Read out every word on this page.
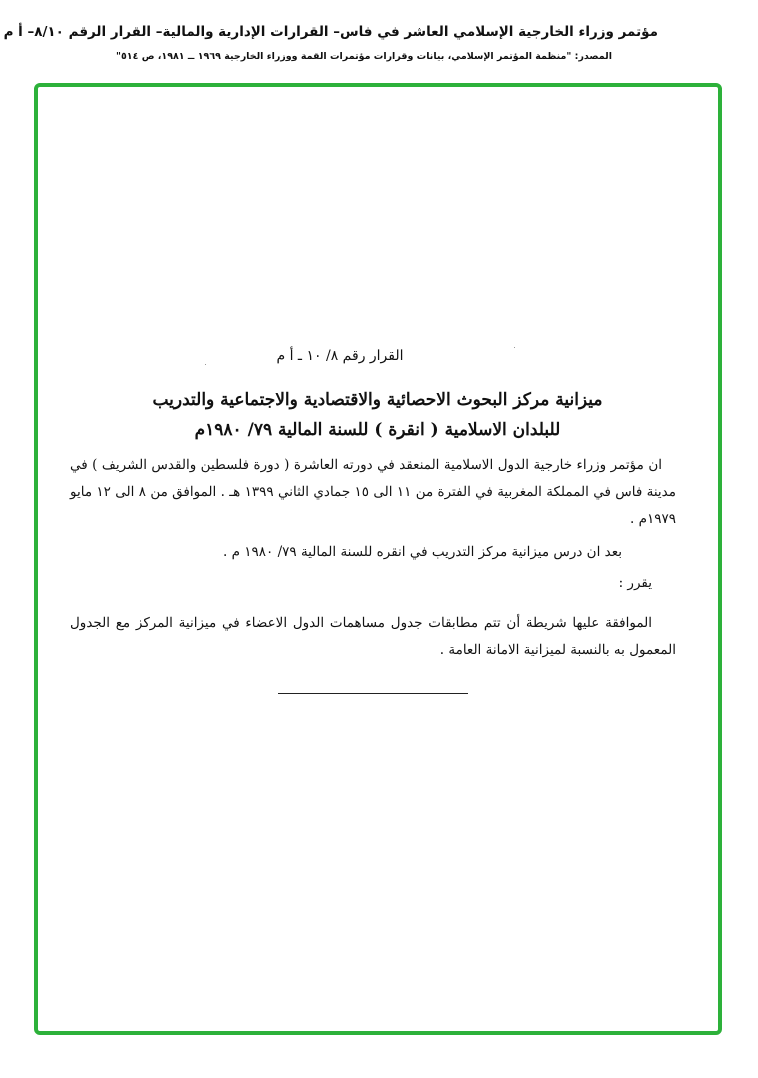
مؤتمر وزراء الخارجية الإسلامي العاشر في فاس– القرارات الإدارية والمالية– القرار الرقم ٨/١٠– أ م
المصدر: "منظمة المؤتمر الإسلامي، بيانات وقرارات مؤتمرات القمة ووزراء الخارجية ١٩٦٩ ــ ١٩٨١، ص ٥١٤"
القرار رقم ٨/ ١٠ ـ أ م
ميزانية مركز البحوث الاحصائية والاقتصادية والاجتماعية والتدريب
للبلدان الاسلامية ( انقرة ) للسنة المالية ٧٩/ ١٩٨٠م
ان مؤتمر وزراء خارجية الدول الاسلامية المنعقد في دورته العاشرة ( دورة فلسطين والقدس الشريف ) في مدينة فاس في المملكة المغربية في الفترة من ١١ الى ١٥ جمادي الثاني ١٣٩٩ هـ . الموافق من ٨ الى ١٢ مايو ١٩٧٩م .
بعد ان درس ميزانية مركز التدريب في انقره للسنة المالية ٧٩/ ١٩٨٠ م .
يقرر :
الموافقة عليها شريطة أن تتم مطابقات جدول مساهمات الدول الاعضاء في ميزانية المركز مع الجدول المعمول به بالنسبة لميزانية الامانة العامة .
